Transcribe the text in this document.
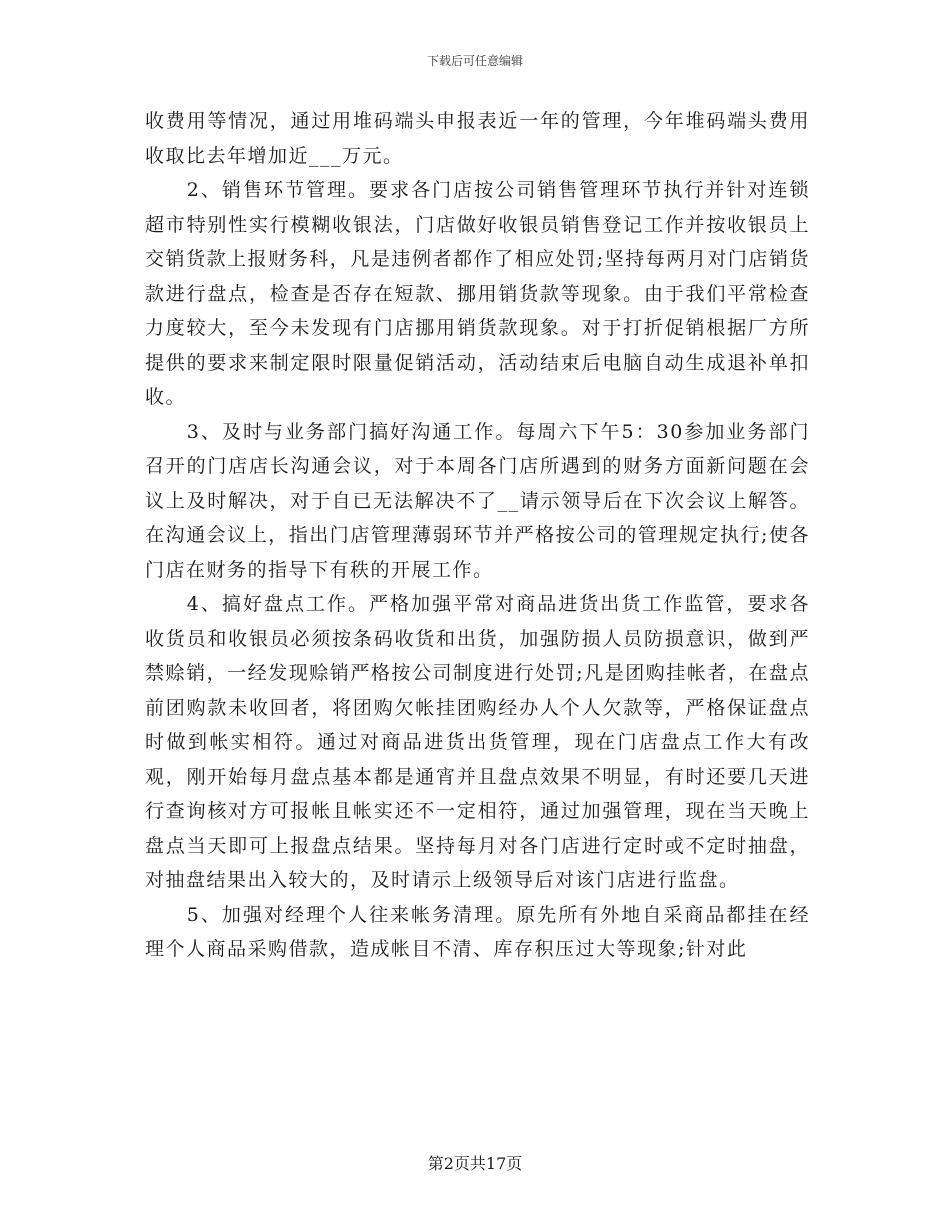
下载后可任意编辑

收费用等情况，通过用堆码端头申报表近一年的管理，今年堆码端头费用收取比去年增加近___万元。

2、销售环节管理。要求各门店按公司销售管理环节执行并针对连锁超市特别性实行模糊收银法，门店做好收银员销售登记工作并按收银员上交销货款上报财务科，凡是违例者都作了相应处罚;坚持每两月对门店销货款进行盘点，检查是否存在短款、挪用销货款等现象。由于我们平常检查力度较大，至今未发现有门店挪用销货款现象。对于打折促销根据厂方所提供的要求来制定限时限量促销活动，活动结束后电脑自动生成退补单扣收。

3、及时与业务部门搞好沟通工作。每周六下午5：30参加业务部门召开的门店店长沟通会议，对于本周各门店所遇到的财务方面新问题在会议上及时解决，对于自已无法解决不了__请示领导后在下次会议上解答。在沟通会议上，指出门店管理薄弱环节并严格按公司的管理规定执行;使各门店在财务的指导下有秩的开展工作。

4、搞好盘点工作。严格加强平常对商品进货出货工作监管，要求各收货员和收银员必须按条码收货和出货，加强防损人员防损意识，做到严禁赊销，一经发现赊销严格按公司制度进行处罚;凡是团购挂帐者，在盘点前团购款未收回者，将团购欠帐挂团购经办人个人欠款等，严格保证盘点时做到帐实相符。通过对商品进货出货管理，现在门店盘点工作大有改观，刚开始每月盘点基本都是通宵并且盘点效果不明显，有时还要几天进行查询核对方可报帐且帐实还不一定相符，通过加强管理，现在当天晚上盘点当天即可上报盘点结果。坚持每月对各门店进行定时或不定时抽盘，对抽盘结果出入较大的，及时请示上级领导后对该门店进行监盘。

5、加强对经理个人往来帐务清理。原先所有外地自采商品都挂在经理个人商品采购借款，造成帐目不清、库存积压过大等现象;针对此

第2页共17页
